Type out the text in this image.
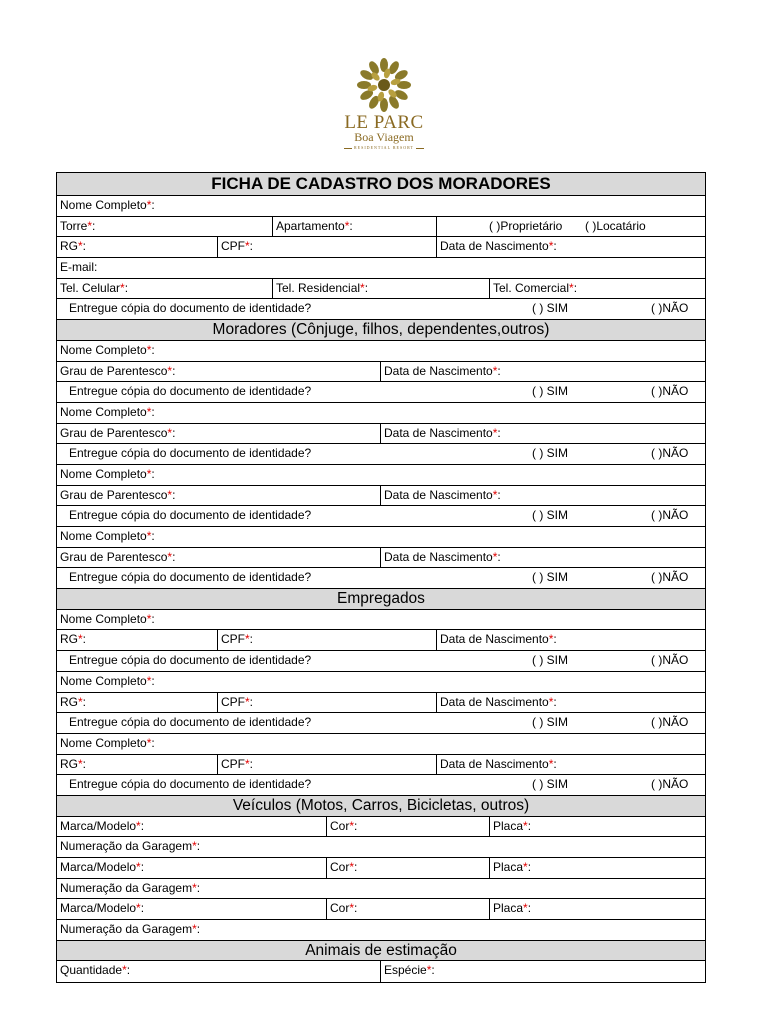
LE PARC
Boa Viagem
RESIDENTIAL RESORT
FICHA DE CADASTRO DOS MORADORES
Nome Completo*:
Torre*:	Apartamento*:	( )Proprietário ( )Locatário
RG*:	CPF*:	Data de Nascimento*:
E-mail:
Tel. Celular*:	Tel. Residencial*:	Tel. Comercial*:
Entregue cópia do documento de identidade?	( ) SIM	( )NÃO
Moradores (Cônjuge, filhos, dependentes,outros)
Nome Completo*:
Grau de Parentesco*:	Data de Nascimento*:
Entregue cópia do documento de identidade?	( ) SIM	( )NÃO
Nome Completo*:
Grau de Parentesco*:	Data de Nascimento*:
Entregue cópia do documento de identidade?	( ) SIM	( )NÃO
Nome Completo*:
Grau de Parentesco*:	Data de Nascimento*:
Entregue cópia do documento de identidade?	( ) SIM	( )NÃO
Nome Completo*:
Grau de Parentesco*:	Data de Nascimento*:
Entregue cópia do documento de identidade?	( ) SIM	( )NÃO
Empregados
Nome Completo*:
RG*:	CPF*:	Data de Nascimento*:
Entregue cópia do documento de identidade?	( ) SIM	( )NÃO
Nome Completo*:
RG*:	CPF*:	Data de Nascimento*:
Entregue cópia do documento de identidade?	( ) SIM	( )NÃO
Nome Completo*:
RG*:	CPF*:	Data de Nascimento*:
Entregue cópia do documento de identidade?	( ) SIM	( )NÃO
Veículos (Motos, Carros, Bicicletas, outros)
Marca/Modelo*:	Cor*:	Placa*:
Numeração da Garagem*:
Marca/Modelo*:	Cor*:	Placa*:
Numeração da Garagem*:
Marca/Modelo*:	Cor*:	Placa*:
Numeração da Garagem*:
Animais de estimação
Quantidade*:	Espécie*:
